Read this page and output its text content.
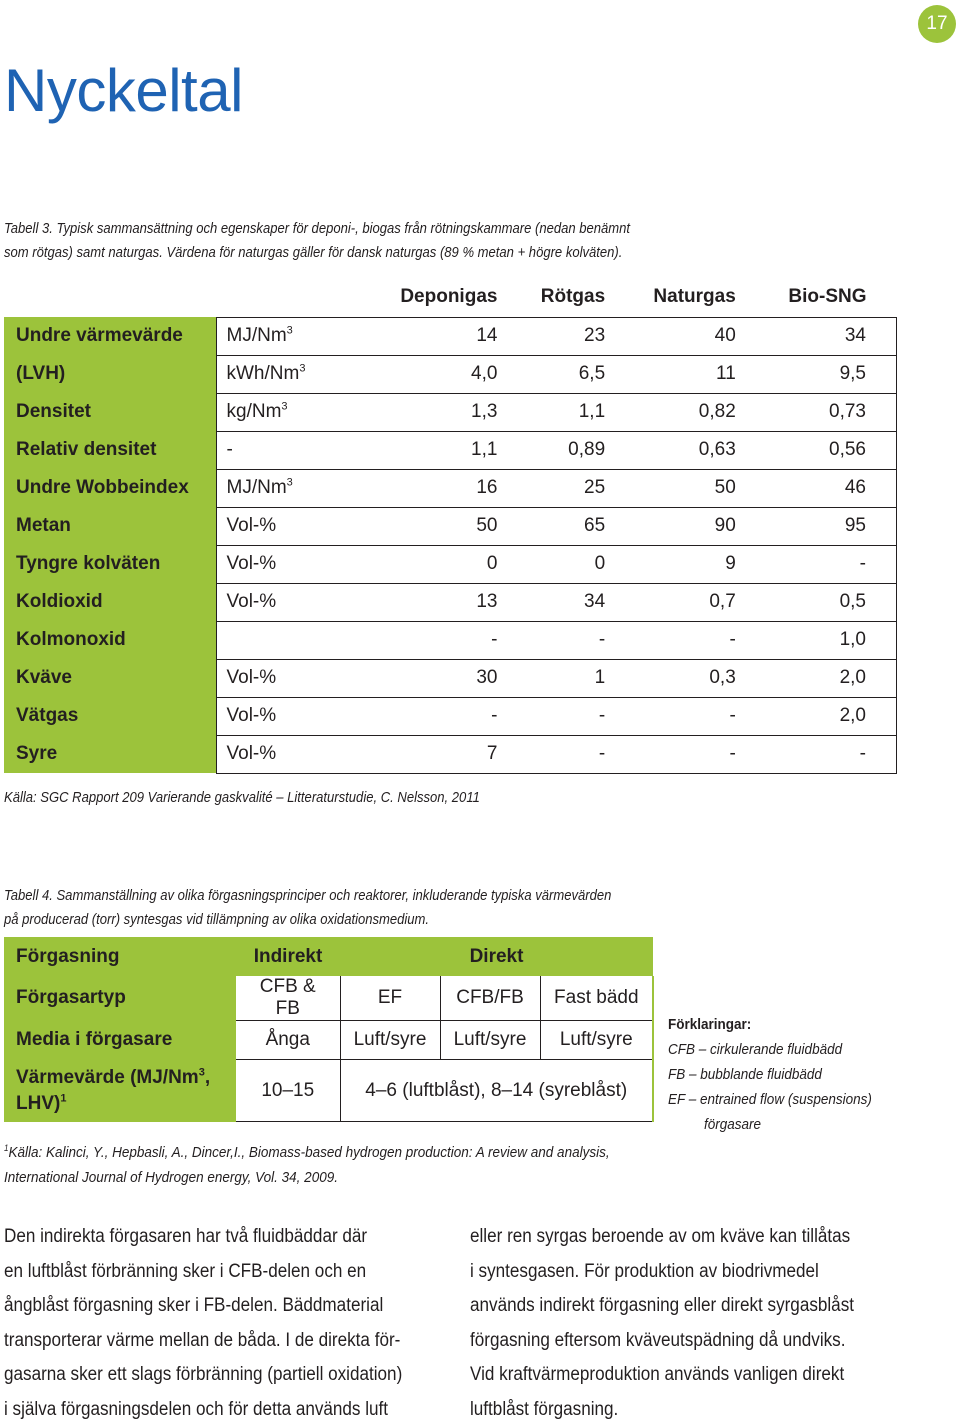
17
Nyckeltal
Tabell 3. Typisk sammansättning och egenskaper för deponi-, biogas från rötningskammare (nedan benämnt
som rötgas) samt naturgas. Värdena för naturgas gäller för dansk naturgas (89 % metan + högre kolväten).
		Deponigas	Rötgas	Naturgas	Bio-SNG
Undre värmevärde	MJ/Nm$^3$	14	23	40	34
(LVH)	kWh/Nm$^3$	4,0	6,5	11	9,5
Densitet	kg/Nm$^3$	1,3	1,1	0,82	0,73
Relativ densitet	-	1,1	0,89	0,63	0,56
Undre Wobbeindex	MJ/Nm$^3$	16	25	50	46
Metan	Vol-%	50	65	90	95
Tyngre kolväten	Vol-%	0	0	9	-
Koldioxid	Vol-%	13	34	0,7	0,5
Kolmonoxid		-	-	-	1,0
Kväve	Vol-%	30	1	0,3	2,0
Vätgas	Vol-%	-	-	-	2,0
Syre	Vol-%	7	-	-	-
Källa: SGC Rapport 209 Varierande gaskvalité – Litteraturstudie, C. Nelsson, 2011
Tabell 4. Sammanställning av olika förgasningsprinciper och reaktorer, inkluderande typiska värmevärden
på producerad (torr) syntesgas vid tillämpning av olika oxidationsmedium.
Förgasning	Indirekt	Direkt		
Förgasartyp	CFB & FB	EF	CFB/FB	Fast bädd
Media i förgasare	Ånga	Luft/syre	Luft/syre	Luft/syre
Värmevärde (MJ/Nm$^3$,
LHV)$^1$	10–15	4–6 (luftblåst), 8–14 (syreblåst)		
Förklaringar:
CFB – cirkulerande fluidbädd
FB – bubblande fluidbädd
EF – entrained flow (suspensions)
förgasare
$^1$Källa: Kalinci, Y., Hepbasli, A., Dincer,I., Biomass-based hydrogen production: A review and analysis,
International Journal of Hydrogen energy, Vol. 34, 2009.
Den indirekta förgasaren har två fluidbäddar där
en luftblåst förbränning sker i CFB-delen och en
ångblåst förgasning sker i FB-delen. Bäddmaterial
transporterar värme mellan de båda. I de direkta för-
gasarna sker ett slags förbränning (partiell oxidation)
i själva förgasningsdelen och för detta används luft
eller ren syrgas beroende av om kväve kan tillåtas
i syntesgasen. För produktion av biodrivmedel
används indirekt förgasning eller direkt syrgasblåst
förgasning eftersom kväveutspädning då undviks.
Vid kraftvärmeproduktion används vanligen direkt
luftblåst förgasning.
